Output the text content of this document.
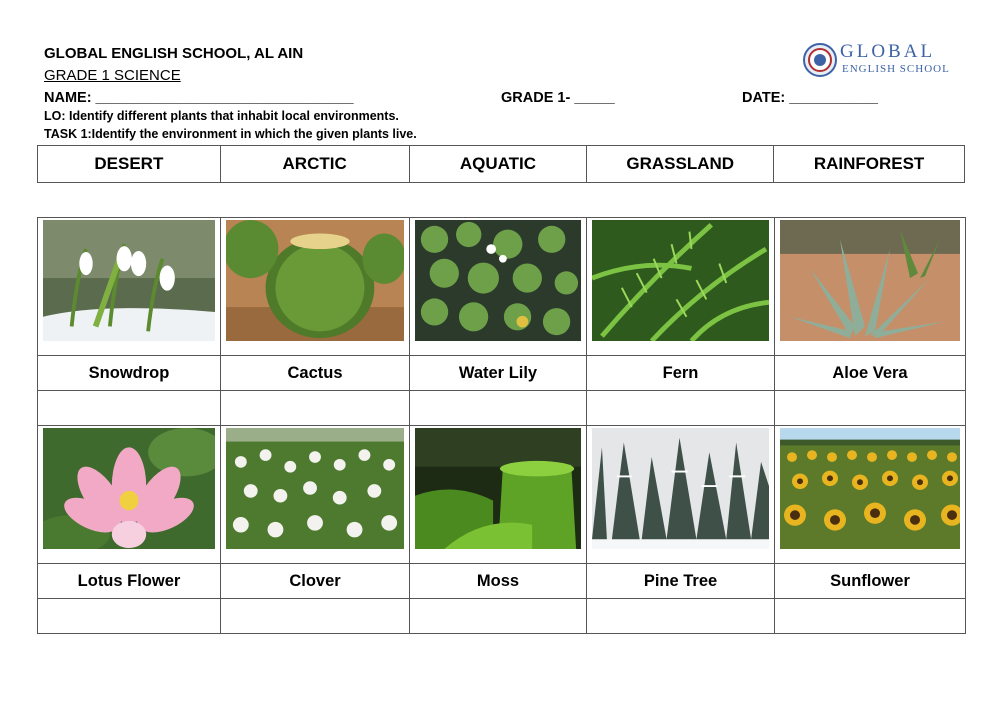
GLOBAL ENGLISH SCHOOL, AL AIN
GRADE 1 SCIENCE
NAME: ________________________________	GRADE 1- _____	DATE: ___________
LO: Identify different plants that inhabit local environments.
TASK 1:Identify the environment in which the given plants live.
GLOBAL
ENGLISH SCHOOL
DESERT	ARCTIC	AQUATIC	GRASSLAND	RAINFOREST

Snowdrop	Cactus	Water Lily	Fern	Aloe Vera

Lotus Flower	Clover	Moss	Pine Tree	Sunflower
